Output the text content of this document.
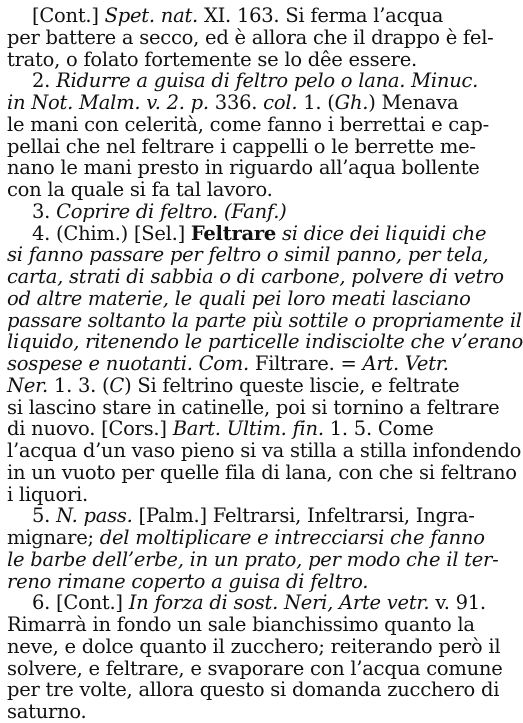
[Cont.] Spet. nat. XI. 163. Si ferma l’acqua
per battere a secco, ed è allora che il drappo è fel-
trato, o folato fortemente se lo dêe essere.
2. Ridurre a guisa di feltro pelo o lana. Minuc.
in Not. Malm. v. 2. p. 336. col. 1. (Gh.) Menava
le mani con celerità, come fanno i berrettai e cap-
pellai che nel feltrare i cappelli o le berrette me-
nano le mani presto in riguardo all’aqua bollente
con la quale si fa tal lavoro.
3. Coprire di feltro. (Fanf.)
4. (Chim.) [Sel.] Feltrare si dice dei liquidi che
si fanno passare per feltro o simil panno, per tela,
carta, strati di sabbia o di carbone, polvere di vetro
od altre materie, le quali pei loro meati lasciano
passare soltanto la parte più sottile o propriamente il
liquido, ritenendo le particelle indisciolte che v’erano
sospese e nuotanti. Com. Filtrare. = Art. Vetr.
Ner. 1. 3. (C) Si feltrino queste liscie, e feltrate
si lascino stare in catinelle, poi si tornino a feltrare
di nuovo. [Cors.] Bart. Ultim. fin. 1. 5. Come
l’acqua d’un vaso pieno si va stilla a stilla infondendo
in un vuoto per quelle fila di lana, con che si feltrano
i liquori.
5. N. pass. [Palm.] Feltrarsi, Infeltrarsi, Ingra-
mignare; del moltiplicare e intrecciarsi che fanno
le barbe dell’erbe, in un prato, per modo che il ter-
reno rimane coperto a guisa di feltro.
6. [Cont.] In forza di sost. Neri, Arte vetr. v. 91.
Rimarrà in fondo un sale bianchissimo quanto la
neve, e dolce quanto il zucchero; reiterando però il
solvere, e feltrare, e svaporare con l’acqua comune
per tre volte, allora questo si domanda zucchero di
saturno.
